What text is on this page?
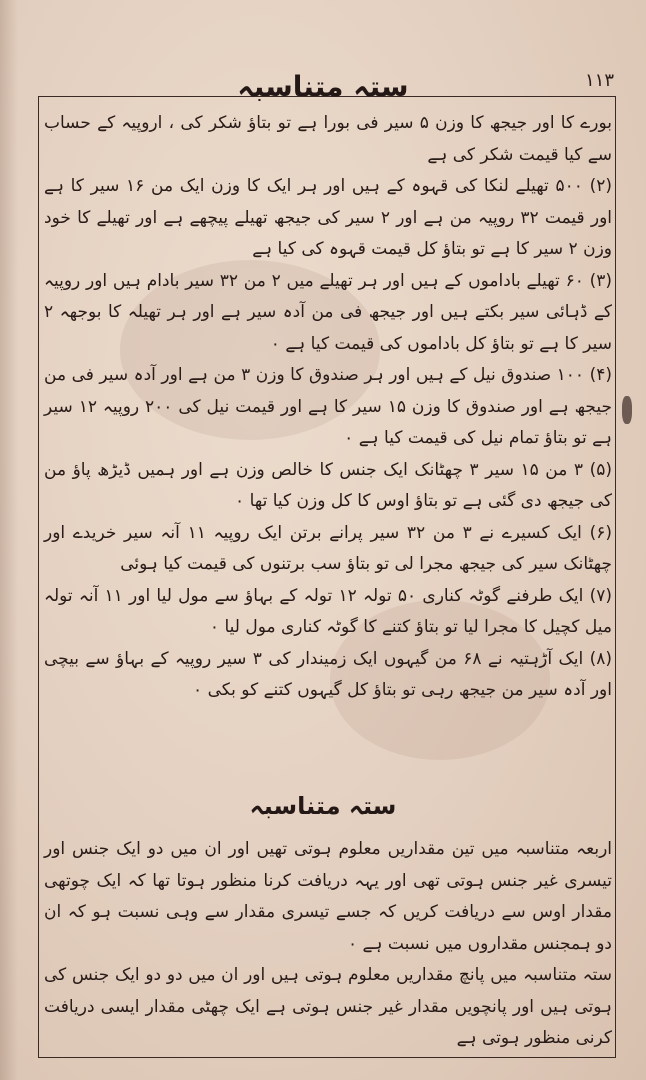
۱۱۳
ستہ متناسبہ

بورے کا اور جیجھ کا وزن ۵ سیر فی بورا ہے تو بتاؤ شکر کی ، اروپیہ کے حساب سے کیا قیمت شکر کی ہے

(۲) ۵۰۰ تھیلے لنکا کی قہوہ کے ہیں اور ہر ایک کا وزن ایک من ۱۶ سیر کا ہے اور قیمت ۳۲ روپیہ من ہے اور ۲ سیر کی جیجھ تھیلے پیچھے ہے اور تھیلے کا خود وزن ۲ سیر کا ہے تو بتاؤ کل قیمت قہوہ کی کیا ہے

(۳) ۶۰ تھیلے باداموں کے ہیں اور ہر تھیلے میں ۲ من ۳۲ سیر بادام ہیں اور روپیہ کے ڈہائی سیر بکتے ہیں اور جیجھ فی من آدہ سیر ہے اور ہر تھیلہ کا بوجھہ ۲ سیر کا ہے تو بتاؤ کل باداموں کی قیمت کیا ہے ۰

(۴) ۱۰۰ صندوق نیل کے ہیں اور ہر صندوق کا وزن ۳ من ہے اور آدہ سیر فی من جیجھ ہے اور صندوق کا وزن ۱۵ سیر کا ہے اور قیمت نیل کی ۲۰۰ روپیہ ۱۲ سیر ہے تو بتاؤ تمام نیل کی قیمت کیا ہے ۰

(۵) ۳ من ۱۵ سیر ۳ چھٹانک ایک جنس کا خالص وزن ہے اور ہمیں ڈیڑھ پاؤ من کی جیجھ دی گئی ہے تو بتاؤ اوس کا کل وزن کیا تھا ۰

(۶) ایک کسیرے نے ۳ من ۳۲ سیر پرانے برتن ایک روپیہ ۱۱ آنہ سیر خریدے اور چھٹانک سیر کی جیجھ مجرا لی تو بتاؤ سب برتنوں کی قیمت کیا ہوئی

(۷) ایک طرفنے گوٹہ کناری ۵۰ تولہ ۱۲ تولہ کے بہاؤ سے مول لیا اور ۱۱ آنہ تولہ میل کچیل کا مجرا لیا تو بتاؤ کتنے کا گوٹہ کناری مول لیا ۰

(۸) ایک آڑہتیہ نے ۶۸ من گیہوں ایک زمیندار کی ۳ سیر روپیہ کے بہاؤ سے بیچی اور آدہ سیر من جیجھ رہی تو بتاؤ کل گیہوں کتنے کو بکی ۰

ستہ متناسبہ

اربعہ متناسبہ میں تین مقداریں معلوم ہوتی تھیں اور ان میں دو ایک جنس اور تیسری غیر جنس ہوتی تھی اور یہہ دریافت کرنا منظور ہوتا تھا کہ ایک چوتھی مقدار اوس سے دریافت کریں کہ جسے تیسری مقدار سے وہی نسبت ہو کہ ان دو ہمجنس مقداروں میں نسبت ہے ۰

ستہ متناسبہ میں پانچ مقداریں معلوم ہوتی ہیں اور ان میں دو دو ایک جنس کی ہوتی ہیں اور پانچویں مقدار غیر جنس ہوتی ہے ایک چھٹی مقدار ایسی دریافت کرنی منظور ہوتی ہے
